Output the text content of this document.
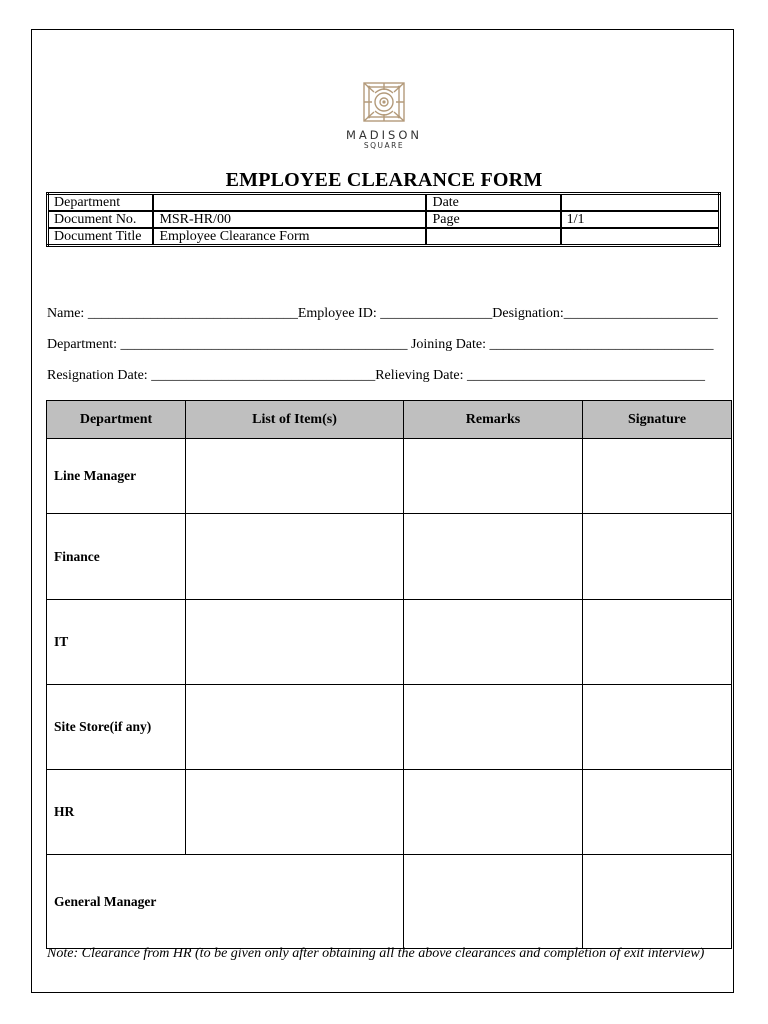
MADISON
SQUARE
EMPLOYEE CLEARANCE FORM
Department		Date	
Document No.	MSR-HR/00	Page	1/1
Document Title	Employee Clearance Form		
Name: ______________________________Employee ID: ________________Designation:______________________
Department: _________________________________________ Joining Date: ________________________________
Resignation Date: ________________________________Relieving Date: __________________________________
Department	List of Item(s)	Remarks	Signature
Line Manager			
Finance			
IT			
Site Store(if any)			
HR			
General Manager			
Note: Clearance from HR (to be given only after obtaining all the above clearances and completion of exit interview)
